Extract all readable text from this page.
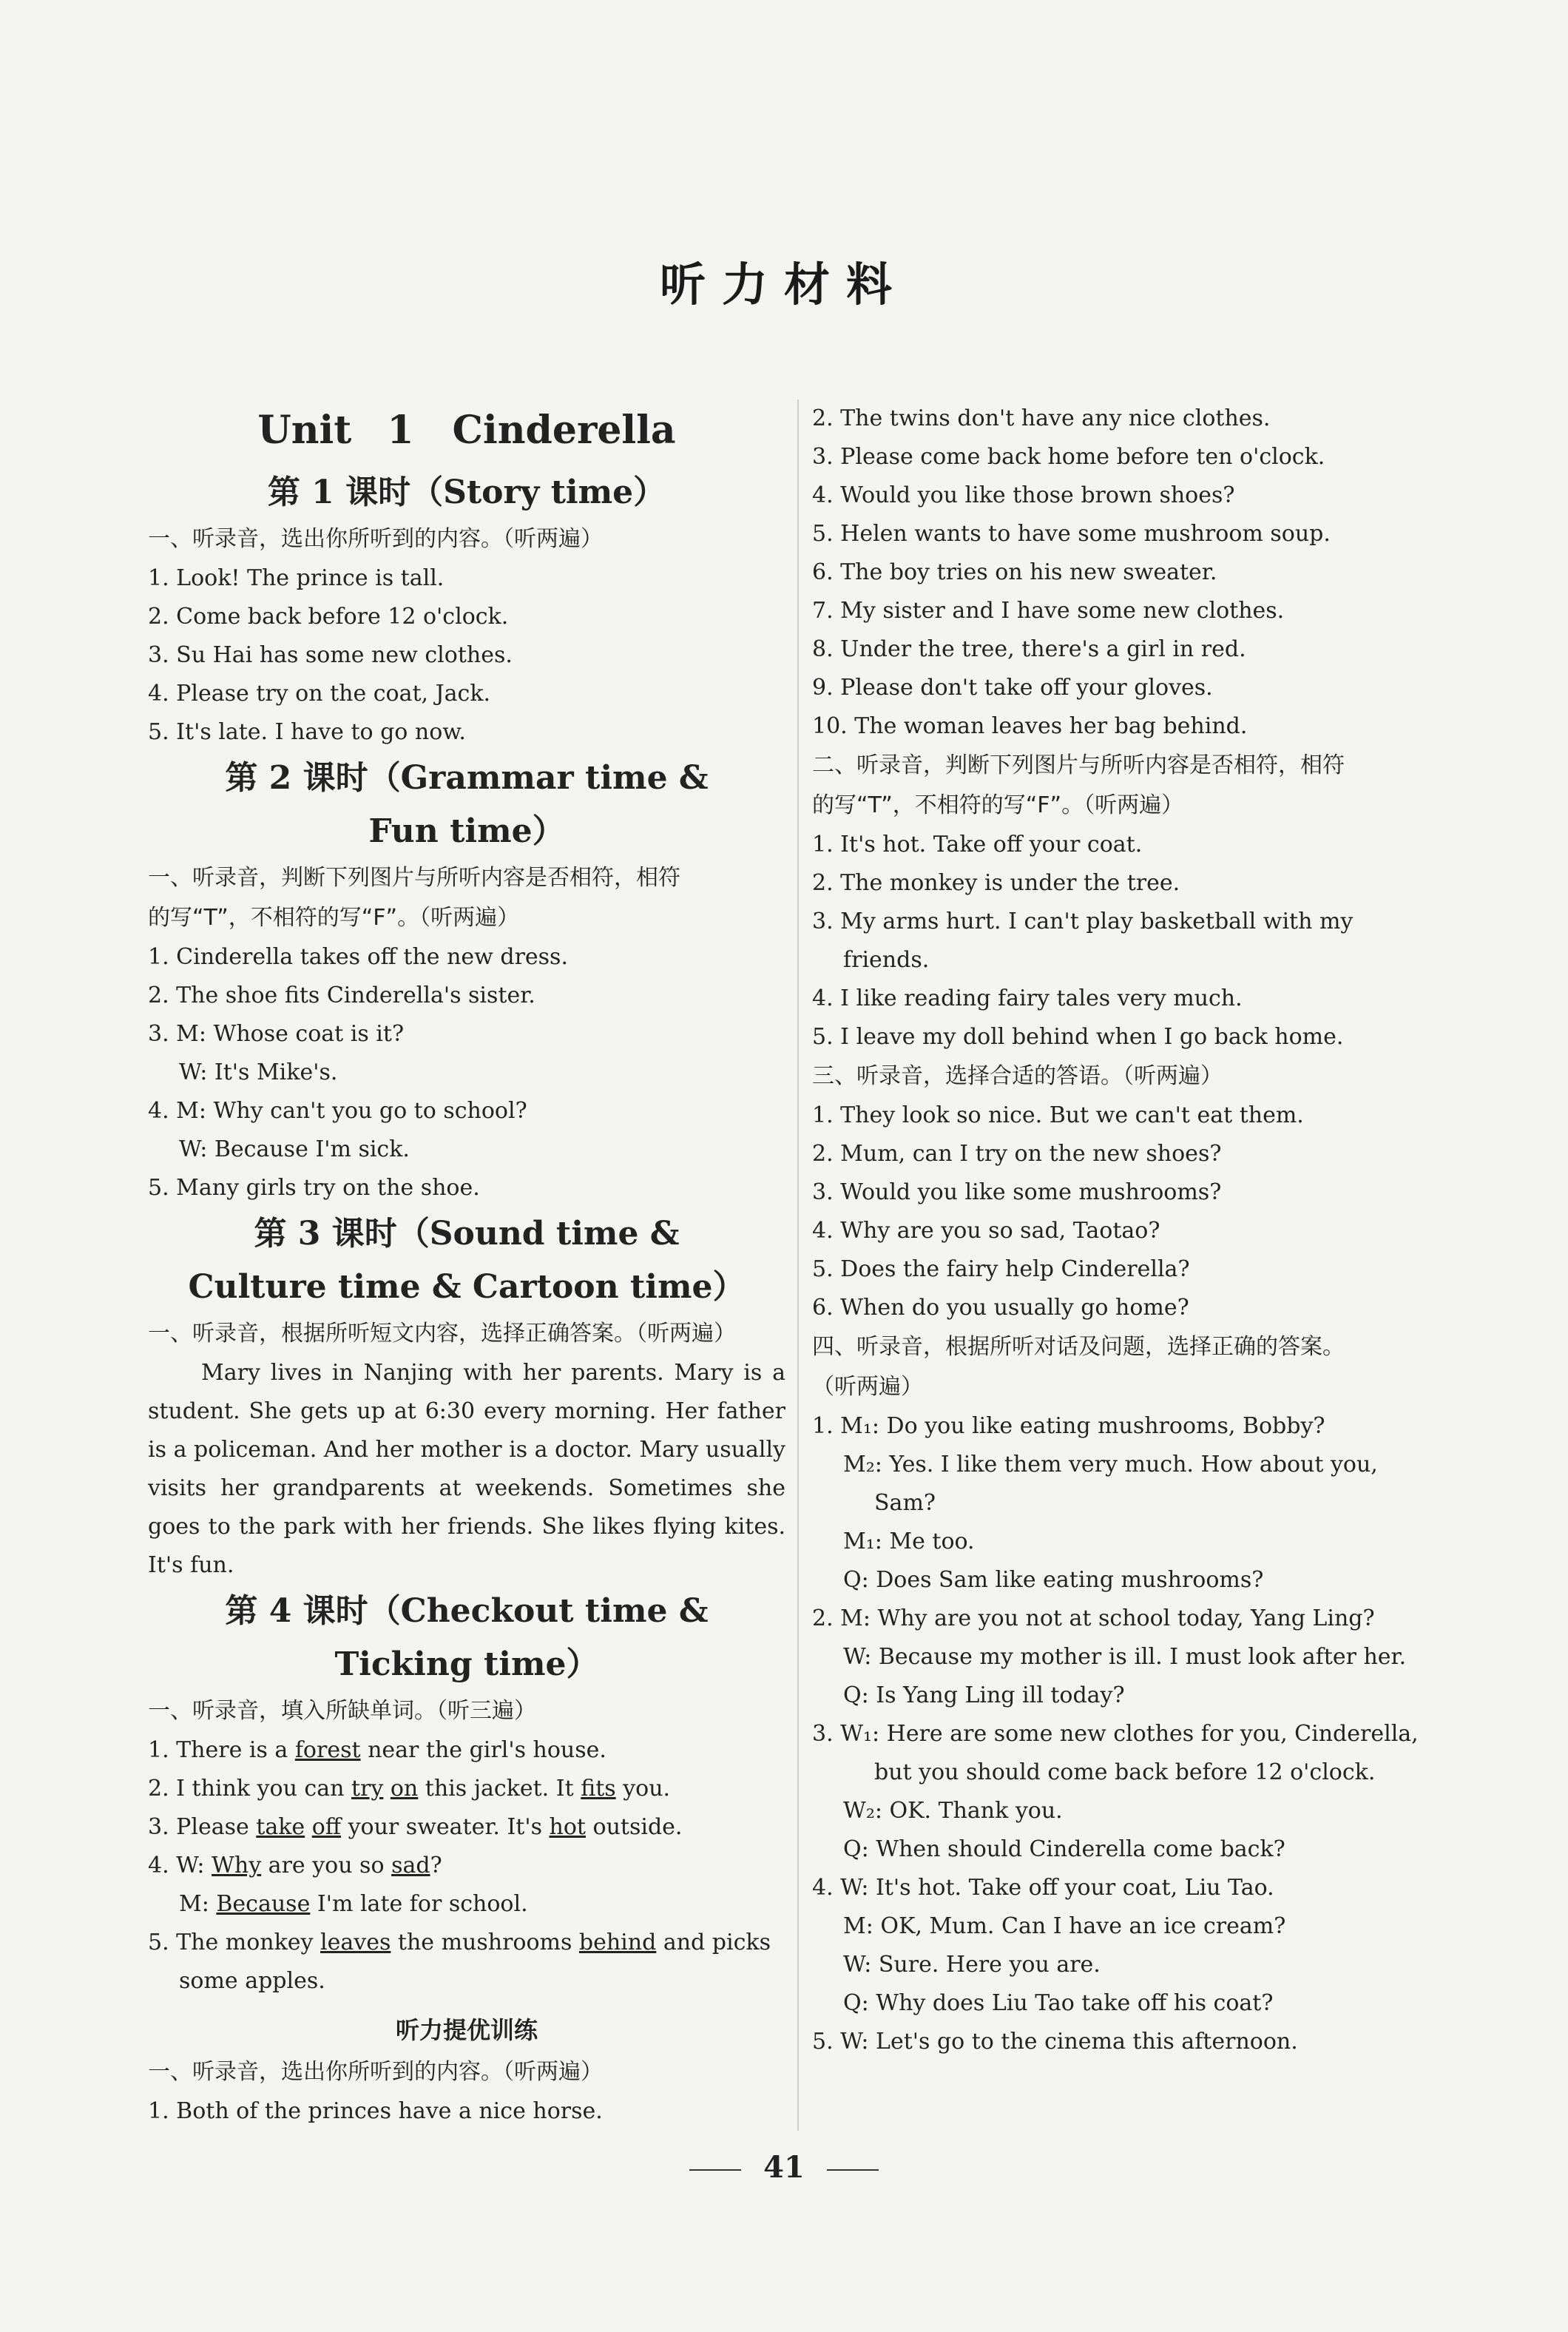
听力材料
Unit 1　Cinderella
第 1 课时（Story time）
一、听录音，选出你所听到的内容。（听两遍）
1. Look! The prince is tall.
2. Come back before 12 o'clock.
3. Su Hai has some new clothes.
4. Please try on the coat, Jack.
5. It's late. I have to go now.
第 2 课时（Grammar time &
Fun time）
一、听录音，判断下列图片与所听内容是否相符，相符
的写“T”，不相符的写“F”。（听两遍）
1. Cinderella takes off the new dress.
2. The shoe fits Cinderella's sister.
3. M: Whose coat is it?
W: It's Mike's.
4. M: Why can't you go to school?
W: Because I'm sick.
5. Many girls try on the shoe.
第 3 课时（Sound time &
Culture time & Cartoon time）
一、听录音，根据所听短文内容，选择正确答案。（听两遍）
Mary lives in Nanjing with her parents. Mary is a student. She gets up at 6:30 every morning. Her father is a policeman. And her mother is a doctor. Mary usually visits her grandparents at weekends. Sometimes she goes to the park with her friends. She likes flying kites. It's fun.
第 4 课时（Checkout time &
Ticking time）
一、听录音，填入所缺单词。（听三遍）
1. There is a forest near the girl's house.
2. I think you can try on this jacket. It fits you.
3. Please take off your sweater. It's hot outside.
4. W: Why are you so sad?
M: Because I'm late for school.
5. The monkey leaves the mushrooms behind and picks
some apples.
听力提优训练
一、听录音，选出你所听到的内容。（听两遍）
1. Both of the princes have a nice horse.
2. The twins don't have any nice clothes.
3. Please come back home before ten o'clock.
4. Would you like those brown shoes?
5. Helen wants to have some mushroom soup.
6. The boy tries on his new sweater.
7. My sister and I have some new clothes.
8. Under the tree, there's a girl in red.
9. Please don't take off your gloves.
10. The woman leaves her bag behind.
二、听录音，判断下列图片与所听内容是否相符，相符
的写“T”，不相符的写“F”。（听两遍）
1. It's hot. Take off your coat.
2. The monkey is under the tree.
3. My arms hurt. I can't play basketball with my
friends.
4. I like reading fairy tales very much.
5. I leave my doll behind when I go back home.
三、听录音，选择合适的答语。（听两遍）
1. They look so nice. But we can't eat them.
2. Mum, can I try on the new shoes?
3. Would you like some mushrooms?
4. Why are you so sad, Taotao?
5. Does the fairy help Cinderella?
6. When do you usually go home?
四、听录音，根据所听对话及问题，选择正确的答案。
（听两遍）
1. M₁: Do you like eating mushrooms, Bobby?
M₂: Yes. I like them very much. How about you,
Sam?
M₁: Me too.
Q: Does Sam like eating mushrooms?
2. M: Why are you not at school today, Yang Ling?
W: Because my mother is ill. I must look after her.
Q: Is Yang Ling ill today?
3. W₁: Here are some new clothes for you, Cinderella,
but you should come back before 12 o'clock.
W₂: OK. Thank you.
Q: When should Cinderella come back?
4. W: It's hot. Take off your coat, Liu Tao.
M: OK, Mum. Can I have an ice cream?
W: Sure. Here you are.
Q: Why does Liu Tao take off his coat?
5. W: Let's go to the cinema this afternoon.
41
